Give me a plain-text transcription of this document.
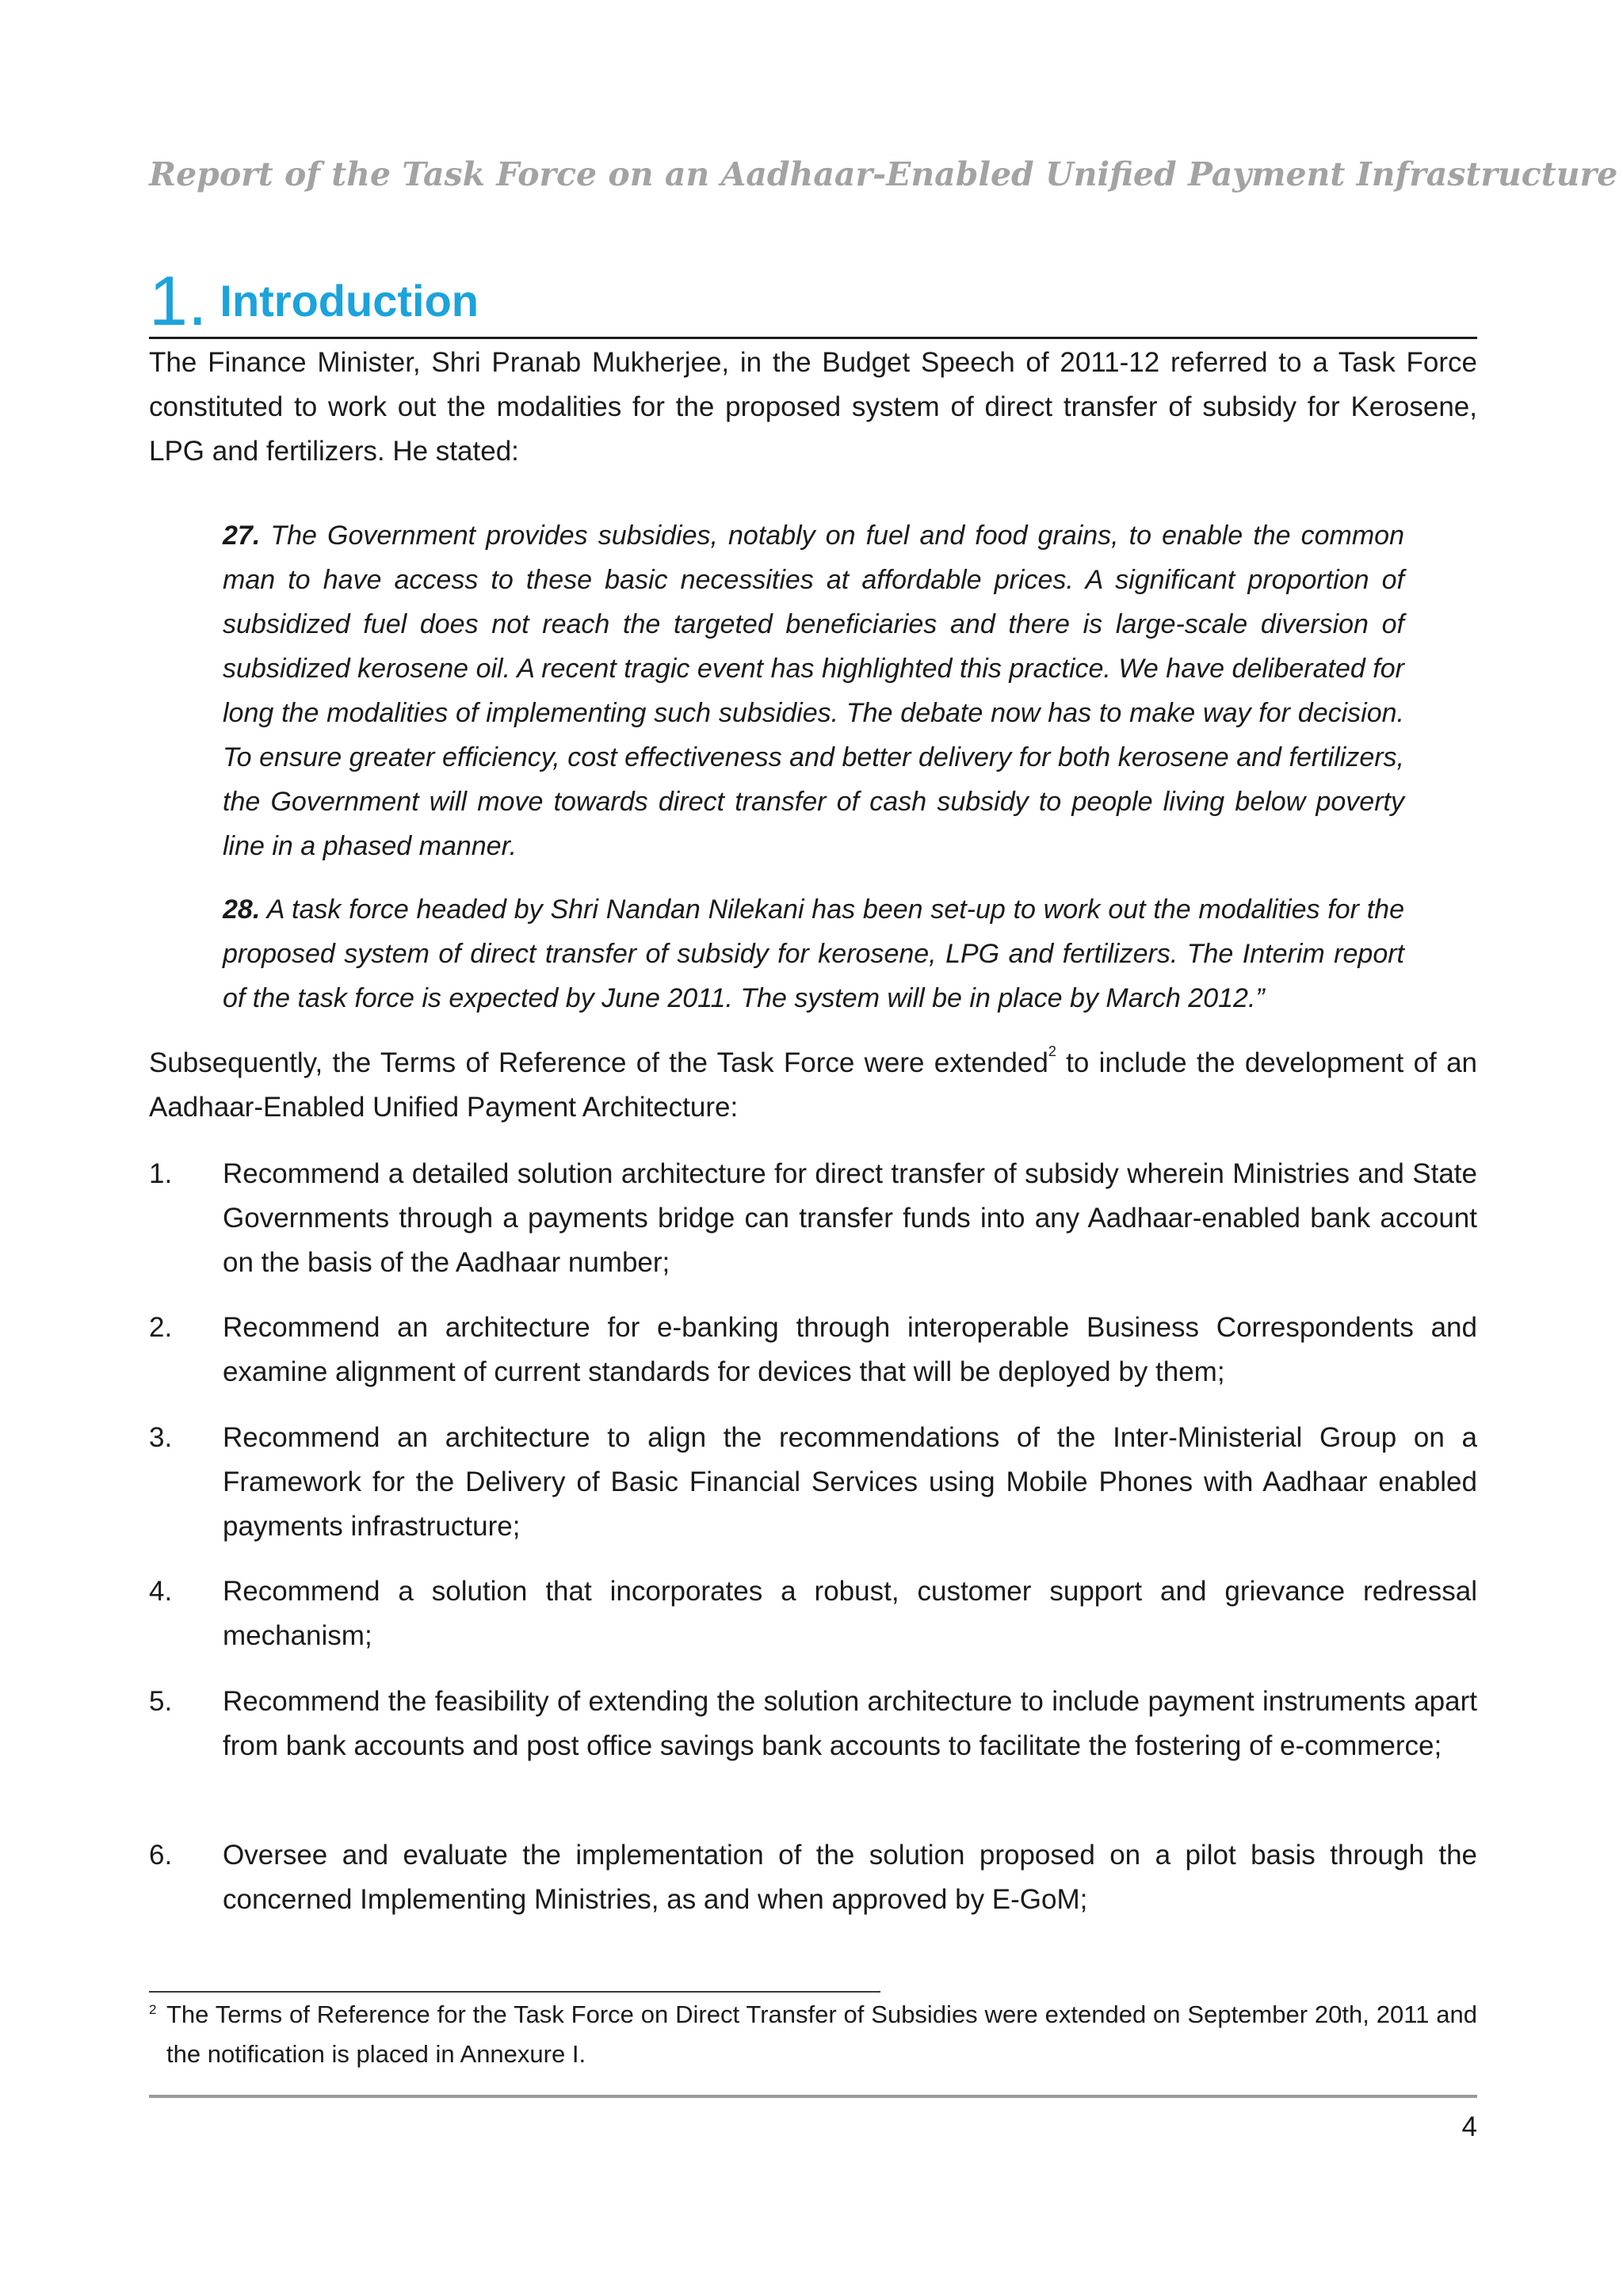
Report of the Task Force on an Aadhaar-Enabled Unified Payment Infrastructure
1. Introduction

The Finance Minister, Shri Pranab Mukherjee, in the Budget Speech of 2011-12 referred to a Task Force constituted to work out the modalities for the proposed system of direct transfer of subsidy for Kerosene, LPG and fertilizers. He stated:

27. The Government provides subsidies, notably on fuel and food grains, to enable the common man to have access to these basic necessities at affordable prices. A significant proportion of subsidized fuel does not reach the targeted beneficiaries and there is large-scale diversion of subsidized kerosene oil. A recent tragic event has highlighted this practice. We have deliberated for long the modalities of implementing such subsidies. The debate now has to make way for decision. To ensure greater efficiency, cost effectiveness and better delivery for both kerosene and fertilizers, the Government will move towards direct transfer of cash subsidy to people living below poverty line in a phased manner.

28. A task force headed by Shri Nandan Nilekani has been set-up to work out the modalities for the proposed system of direct transfer of subsidy for kerosene, LPG and fertilizers. The Interim report of the task force is expected by June 2011. The system will be in place by March 2012.”

Subsequently, the Terms of Reference of the Task Force were extended$^2$ to include the development of an Aadhaar-Enabled Unified Payment Architecture:

1. Recommend a detailed solution architecture for direct transfer of subsidy wherein Ministries and State Governments through a payments bridge can transfer funds into any Aadhaar-enabled bank account on the basis of the Aadhaar number;
2. Recommend an architecture for e-banking through interoperable Business Correspondents and examine alignment of current standards for devices that will be deployed by them;
3. Recommend an architecture to align the recommendations of the Inter-Ministerial Group on a Framework for the Delivery of Basic Financial Services using Mobile Phones with Aadhaar enabled payments infrastructure;
4. Recommend a solution that incorporates a robust, customer support and grievance redressal mechanism;
5. Recommend the feasibility of extending the solution architecture to include payment instruments apart from bank accounts and post office savings bank accounts to facilitate the fostering of e-commerce;
6. Oversee and evaluate the implementation of the solution proposed on a pilot basis through the concerned Implementing Ministries, as and when approved by E-GoM;
2 The Terms of Reference for the Task Force on Direct Transfer of Subsidies were extended on September 20th, 2011 and the notification is placed in Annexure I.
4
